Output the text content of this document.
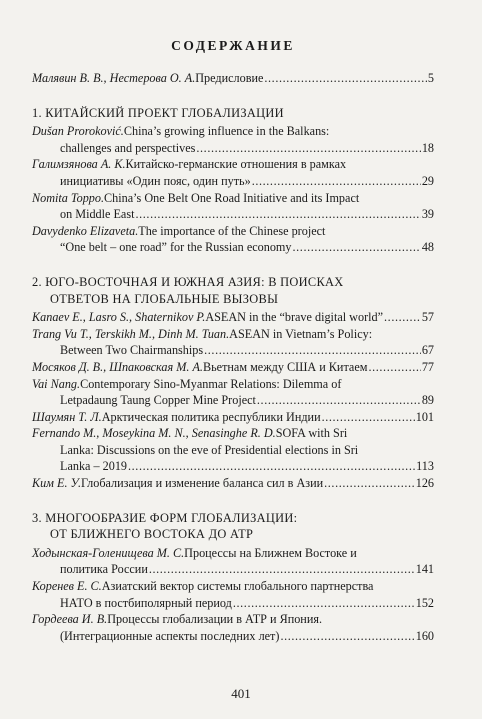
СОДЕРЖАНИЕ
Малявин В. В., Нестерова О. А. Предисловие .....	5
1. КИТАЙСКИЙ ПРОЕКТ ГЛОБАЛИЗАЦИИ
Dušan Proroković. China’s growing influence in the Balkans:
challenges and perspectives .....	18
Галимзянова А. К. Китайско-германские отношения в рамках
инициативы «Один пояс, один путь» .....	29
Nomita Toppo. China’s One Belt One Road Initiative and its Impact
on Middle East .....	39
Davydenko Elizaveta. The importance of the Chinese project
“One belt – one road” for the Russian economy .....	48
2. ЮГО-ВОСТОЧНАЯ И ЮЖНАЯ АЗИЯ: В ПОИСКАХ
ОТВЕТОВ НА ГЛОБАЛЬНЫЕ ВЫЗОВЫ
Kanaev E., Lasro S., Shaternikov P. ASEAN in the “brave digital world” .....	57
Trang Vu T., Terskikh M., Dinh M. Tuan. ASEAN in Vietnam’s Policy:
Between Two Chairmanships .....	67
Мосяков Д. В., Шпаковская М. А. Вьетнам между США и Китаем .....	77
Vai Nang. Contemporary Sino-Myanmar Relations: Dilemma of
Letpadaung Taung Copper Mine Project .....	89
Шаумян Т. Л. Арктическая политика республики Индии .....	101
Fernando M., Moseykina M. N., Senasinghe R. D. SOFA with Sri
Lanka: Discussions on the eve of Presidential elections in Sri
Lanka – 2019 .....	113
Ким Е. У. Глобализация и изменение баланса сил в Азии .....	126
3. МНОГООБРАЗИЕ ФОРМ ГЛОБАЛИЗАЦИИ:
ОТ БЛИЖНЕГО ВОСТОКА ДО АТР
Ходынская-Голенищева М. С. Процессы на Ближнем Востоке и
политика России .....	141
Коренев Е. С. Азиатский вектор системы глобального партнерства
НАТО в постбиполярный период .....	152
Гордеева И. В. Процессы глобализации в АТР и Япония.
(Интеграционные аспекты последних лет) .....	160
401
